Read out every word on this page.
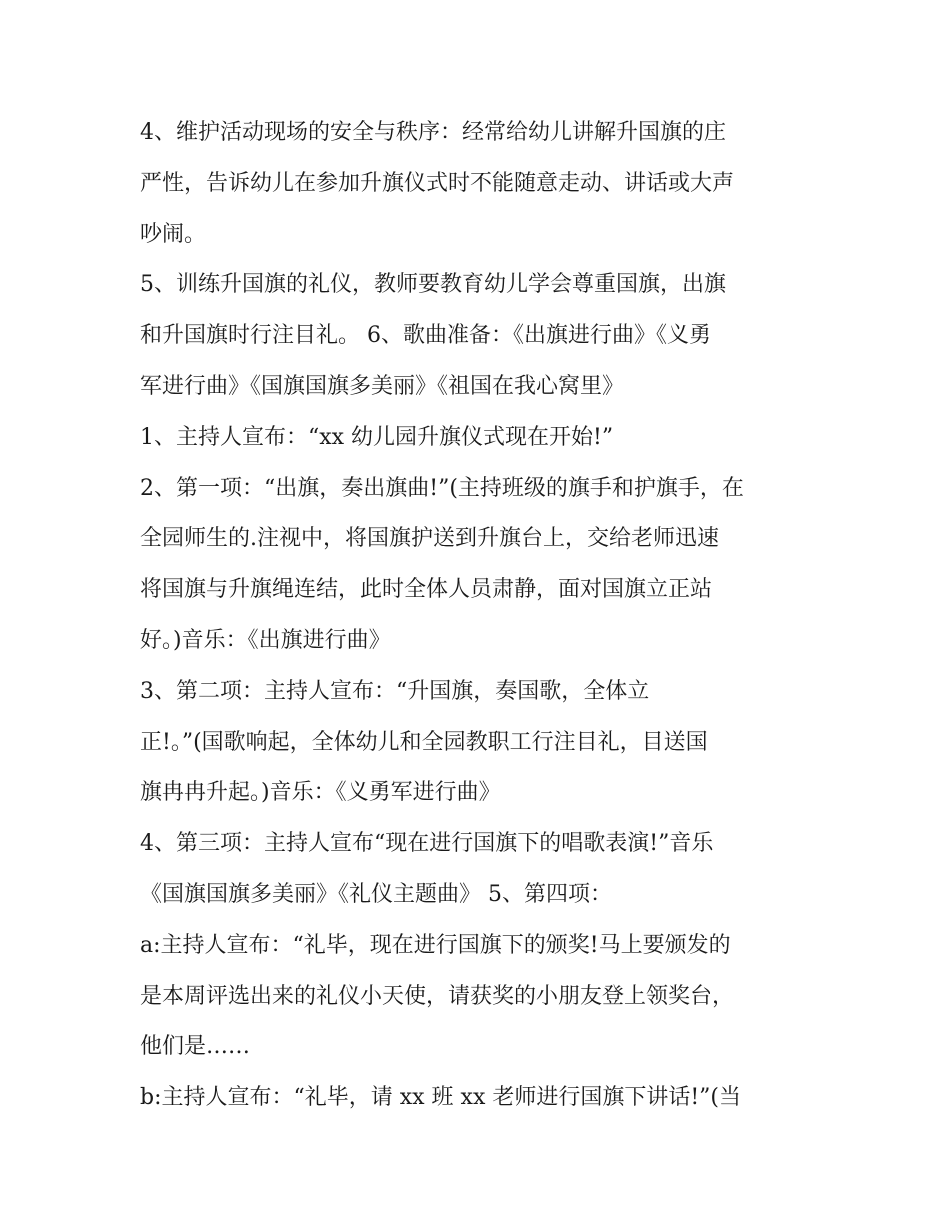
4、维护活动现场的安全与秩序：经常给幼儿讲解升国旗的庄
严性，告诉幼儿在参加升旗仪式时不能随意走动、讲话或大声
吵闹。
5、训练升国旗的礼仪，教师要教育幼儿学会尊重国旗，出旗
和升国旗时行注目礼。 6、歌曲准备：《出旗进行曲》《义勇
军进行曲》《国旗国旗多美丽》《祖国在我心窝里》
1、主持人宣布：“xx 幼儿园升旗仪式现在开始!”
2、第一项：“出旗，奏出旗曲!”(主持班级的旗手和护旗手，在
全园师生的.注视中，将国旗护送到升旗台上，交给老师迅速
将国旗与升旗绳连结，此时全体人员肃静，面对国旗立正站
好。)音乐：《出旗进行曲》
3、第二项：主持人宣布：“升国旗，奏国歌，全体立
正!。”(国歌响起，全体幼儿和全园教职工行注目礼，目送国
旗冉冉升起。)音乐：《义勇军进行曲》
4、第三项：主持人宣布“现在进行国旗下的唱歌表演!”音乐
《国旗国旗多美丽》《礼仪主题曲》 5、第四项：
a:主持人宣布：“礼毕，现在进行国旗下的颁奖!马上要颁发的
是本周评选出来的礼仪小天使，请获奖的小朋友登上领奖台，
他们是……
b:主持人宣布：“礼毕，请 xx 班 xx 老师进行国旗下讲话!”(当
